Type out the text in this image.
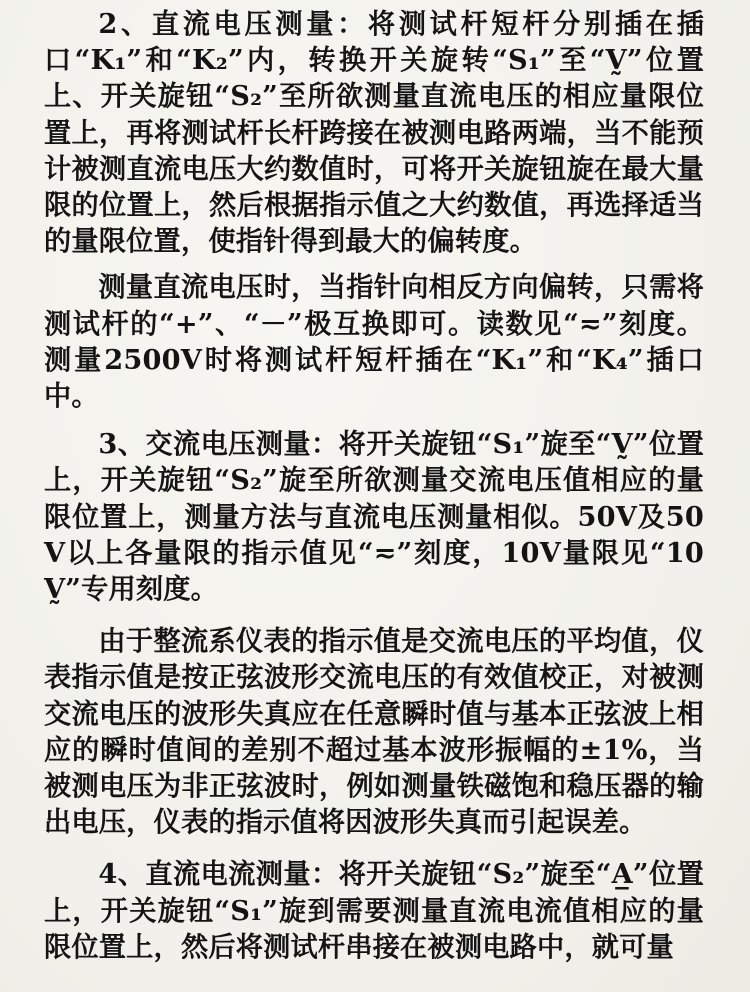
2、直流电压测量：将测试杆短杆分别插在插口“K₁”和“K₂”内，转换开关旋转“S₁”至“V̰”位置上、开关旋钮“S₂”至所欲测量直流电压的相应量限位置上，再将测试杆长杆跨接在被测电路两端，当不能预计被测直流电压大约数值时，可将开关旋钮旋在最大量限的位置上，然后根据指示值之大约数值，再选择适当的量限位置，使指针得到最大的偏转度。

测量直流电压时，当指针向相反方向偏转，只需将测试杆的“+”、“－”极互换即可。读数见“≂”刻度。测量2500V时将测试杆短杆插在“K₁”和“K₄”插口中。

3、交流电压测量：将开关旋钮“S₁”旋至“V̰”位置上，开关旋钮“S₂”旋至所欲测量交流电压值相应的量限位置上，测量方法与直流电压测量相似。50V及50V以上各量限的指示值见“≂”刻度，10V量限见“10V̰”专用刻度。

由于整流系仪表的指示值是交流电压的平均值，仪表指示值是按正弦波形交流电压的有效值校正，对被测交流电压的波形失真应在任意瞬时值与基本正弦波上相应的瞬时值间的差别不超过基本波形振幅的±1%，当被测电压为非正弦波时，例如测量铁磁饱和稳压器的输出电压，仪表的指示值将因波形失真而引起误差。

4、直流电流测量：将开关旋钮“S₂”旋至“A̲”位置上，开关旋钮“S₁”旋到需要测量直流电流值相应的量限位置上，然后将测试杆串接在被测电路中，就可量
